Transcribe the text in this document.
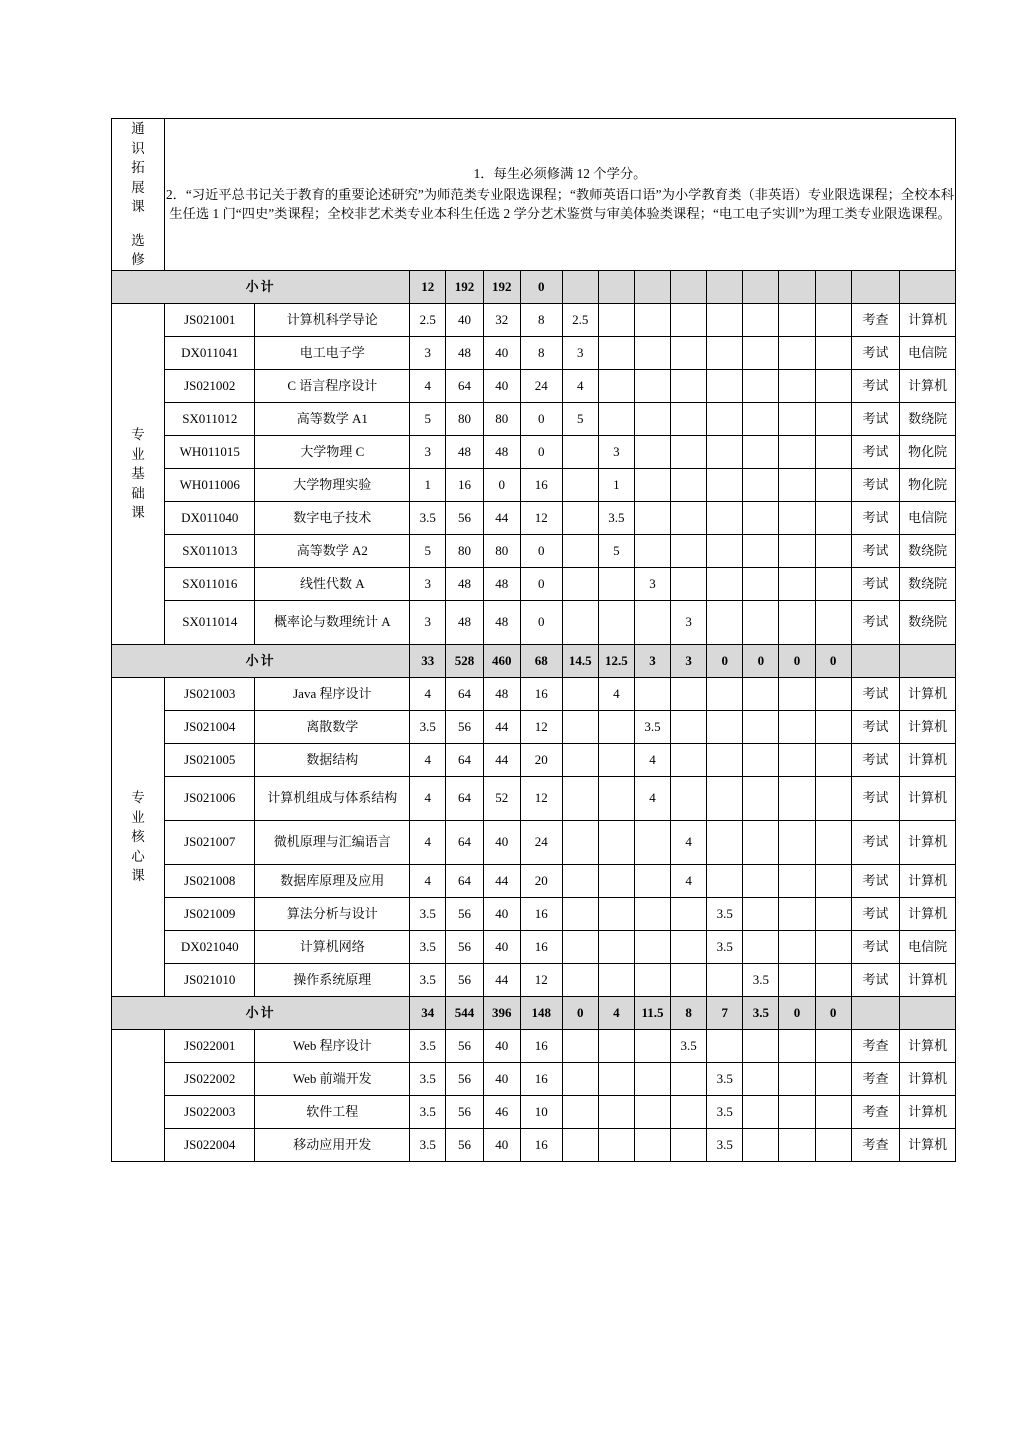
通
识
拓
展
课
选
修

1．每生必须修满 12 个学分。

2．“习近平总书记关于教育的重要论述研究”为师范类专业限选课程；“教师英语口语”为小学教育类（非英语）专业限选课程；全校本科生任选 1 门“四史”类课程；全校非艺术类专业本科生任选 2 学分艺术鉴赏与审美体验类课程；“电工电子实训”为理工类专业限选课程。

小计			12	192	192	0										

专
业
基
础
课	JS021001	计算机科学导论	2.5	40	32	8	2.5								考查	计算机
	DX011041	电工电子学	3	48	40	8	3								考试	电信院
	JS021002	C 语言程序设计	4	64	40	24	4								考试	计算机
	SX011012	高等数学 A1	5	80	80	0	5								考试	数绕院
	WH011015	大学物理 C	3	48	48	0		3							考试	物化院
	WH011006	大学物理实验	1	16	0	16		1							考试	物化院
	DX011040	数字电子技术	3.5	56	44	12		3.5							考试	电信院
	SX011013	高等数学 A2	5	80	80	0		5							考试	数绕院
	SX011016	线性代数 A	3	48	48	0			3						考试	数绕院
	SX011014	概率论与数理统计 A	3	48	48	0				3					考试	数绕院
小计			33	528	460	68	14.5	12.5	3	3	0	0	0	0		

专
业
核
心
课	JS021003	Java 程序设计	4	64	48	16		4							考试	计算机
	JS021004	离散数学	3.5	56	44	12			3.5						考试	计算机
	JS021005	数据结构	4	64	44	20			4						考试	计算机
	JS021006	计算机组成与体系结构	4	64	52	12			4						考试	计算机
	JS021007	微机原理与汇编语言	4	64	40	24				4					考试	计算机
	JS021008	数据库原理及应用	4	64	44	20				4					考试	计算机
	JS021009	算法分析与设计	3.5	56	40	16					3.5				考试	计算机
	DX021040	计算机网络	3.5	56	40	16					3.5				考试	电信院
	JS021010	操作系统原理	3.5	56	44	12						3.5			考试	计算机
小计			34	544	396	148	0	4	11.5	8	7	3.5	0	0		
	JS022001	Web 程序设计	3.5	56	40	16				3.5					考查	计算机
	JS022002	Web 前端开发	3.5	56	40	16					3.5				考查	计算机
	JS022003	软件工程	3.5	56	46	10					3.5				考查	计算机
	JS022004	移动应用开发	3.5	56	40	16					3.5				考查	计算机
